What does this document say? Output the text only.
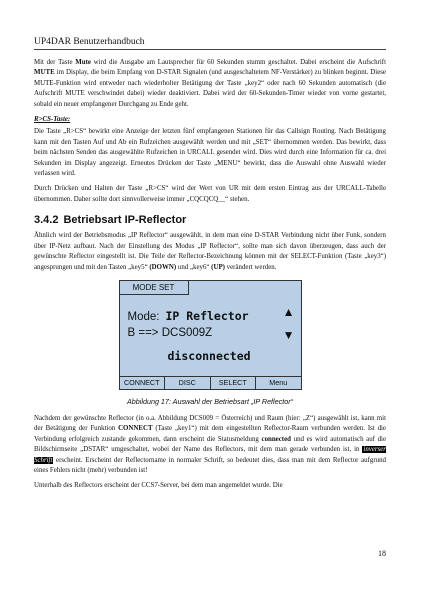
UP4DAR Benutzerhandbuch

Mit der Taste Mute wird die Ausgabe am Lautsprecher für 60 Sekunden stumm geschaltet. Dabei erscheint die Aufschrift MUTE im Display, die beim Empfang von D-STAR Signalen (und ausgeschaltetem NF-Verstärker) zu blinken beginnt. Diese MUTE-Funktion wird entweder nach wiederholter Betätigung der Taste „key2“ oder nach 60 Sekunden automatisch (die Aufschrift MUTE verschwindet dabei) wieder deaktiviert. Dabei wird der 60-Sekunden-Timer wieder von vorne gestartet, sobald ein neuer empfangener Durchgang zu Ende geht.

R>CS-Taste:

Die Taste „R>CS“ bewirkt eine Anzeige der letzten fünf empfangenen Stationen für das Callsign Routing. Nach Betätigung kann mit den Tasten Auf und Ab ein Rufzeichen ausgewählt werden und mit „SET“ übernommen werden. Das bewirkt, dass beim nächsten Senden das ausgewählte Rufzeichen in URCALL gesendet wird. Dies wird durch eine Information für ca. drei Sekunden im Display angezeigt. Erneutes Drücken der Taste „MENU“ bewirkt, dass die Auswahl ohne Auswahl wieder verlassen wird.

Durch Drücken und Halten der Taste „R>CS“ wird der Wert von UR mit dem ersten Eintrag aus der URCALL-Tabelle übernommen. Daher sollte dort sinnvollerweise immer „CQCQCQ__“ stehen.

3.4.2 Betriebsart IP-Reflector

Ähnlich wird der Betriebsmodus „IP Reflector“ ausgewählt, in dem man eine D-STAR Verbindung nicht über Funk, sondern über IP-Netz aufbaut. Nach der Einstellung des Modus „IP Reflector“, sollte man sich davon überzeugen, dass auch der gewünschte Reflector eingestellt ist. Die Teile der Reflector-Bezeichnung können mit der SELECT-Funktion (Taste „key3“) angesprungen und mit den Tasten „key5“ (DOWN) und „key6“ (UP) verändert werden.

MODE SET
Mode: IP Reflector
B ==> DCS009Z
disconnected
▲
▼
CONNECT	DISC	SELECT	Menu
Abbildung 17: Auswahl der Betriebsart „IP Reflector“

Nachdem der gewünschte Reflector (in o.a. Abbildung DCS009 = Österreich) und Raum (hier: „Z“) ausgewählt ist, kann mit der Betätigung der Funktion CONNECT (Taste „key1“) mit dem eingestellten Reflector-Raum verbunden werden. Ist die Verbindung erfolgreich zustande gekommen, dann erscheint die Statusmeldung connected und es wird automatisch auf die Bildschirmseite „DSTAR“ umgeschaltet, wobei der Name des Reflectors, mit dem man gerade verbunden ist, in inverser Schrift erscheint. Erscheint der Reflectorname in normaler Schrift, so bedeutet dies, dass man mit dem Reflector aufgrund eines Fehlers nicht (mehr) verbunden ist!

Unterhalb des Reflectors erscheint der CCS7-Server, bei dem man angemeldet wurde. Die

18
